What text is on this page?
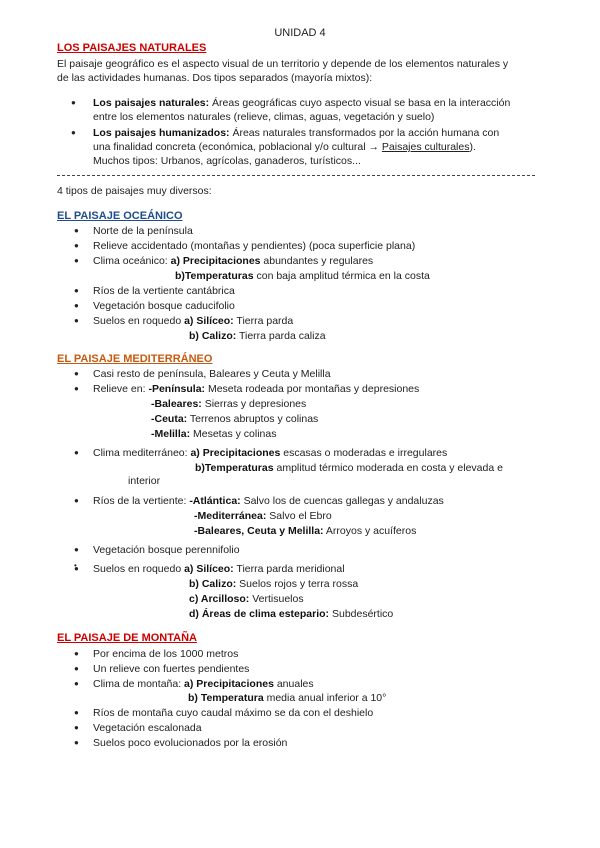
UNIDAD 4
LOS PAISAJES NATURALES
El paisaje geográfico es el aspecto visual de un territorio y depende de los elementos naturales y
de las actividades humanas. Dos tipos separados (mayoría mixtos):
● Los paisajes naturales: Áreas geográficas cuyo aspecto visual se basa en la interacción
entre los elementos naturales (relieve, climas, aguas, vegetación y suelo)
● Los paisajes humanizados: Áreas naturales transformados por la acción humana con
una finalidad concreta (económica, poblacional y/o cultural → Paisajes culturales).
Muchos tipos: Urbanos, agrícolas, ganaderos, turísticos...
4 tipos de paisajes muy diversos:
EL PAISAJE OCEÁNICO
● Norte de la península
● Relieve accidentado (montañas y pendientes) (poca superficie plana)
● Clima oceánico: a) Precipitaciones abundantes y regulares
b)Temperaturas con baja amplitud térmica en la costa
● Ríos de la vertiente cantábrica
● Vegetación bosque caducifolio
● Suelos en roquedo a) Silíceo: Tierra parda
b) Calizo: Tierra parda caliza
EL PAISAJE MEDITERRÁNEO
● Casi resto de península, Baleares y Ceuta y Melilla
● Relieve en: -Península: Meseta rodeada por montañas y depresiones
-Baleares: Sierras y depresiones
-Ceuta: Terrenos abruptos y colinas
-Melilla: Mesetas y colinas
● Clima mediterráneo: a) Precipitaciones escasas o moderadas e irregulares
b)Temperaturas amplitud térmico moderada en costa y elevada e
interior
● Ríos de la vertiente: -Atlántica: Salvo los de cuencas gallegas y andaluzas
-Mediterránea: Salvo el Ebro
-Baleares, Ceuta y Melilla: Arroyos y acuíferos
● Vegetación bosque perennifolio
•
● Suelos en roquedo a) Silíceo: Tierra parda meridional
b) Calizo: Suelos rojos y terra rossa
c) Arcilloso: Vertisuelos
d) Áreas de clima estepario: Subdesértico
EL PAISAJE DE MONTAÑA
● Por encima de los 1000 metros
● Un relieve con fuertes pendientes
● Clima de montaña: a) Precipitaciones anuales
b) Temperatura media anual inferior a 10°
● Ríos de montaña cuyo caudal máximo se da con el deshielo
● Vegetación escalonada
● Suelos poco evolucionados por la erosión
